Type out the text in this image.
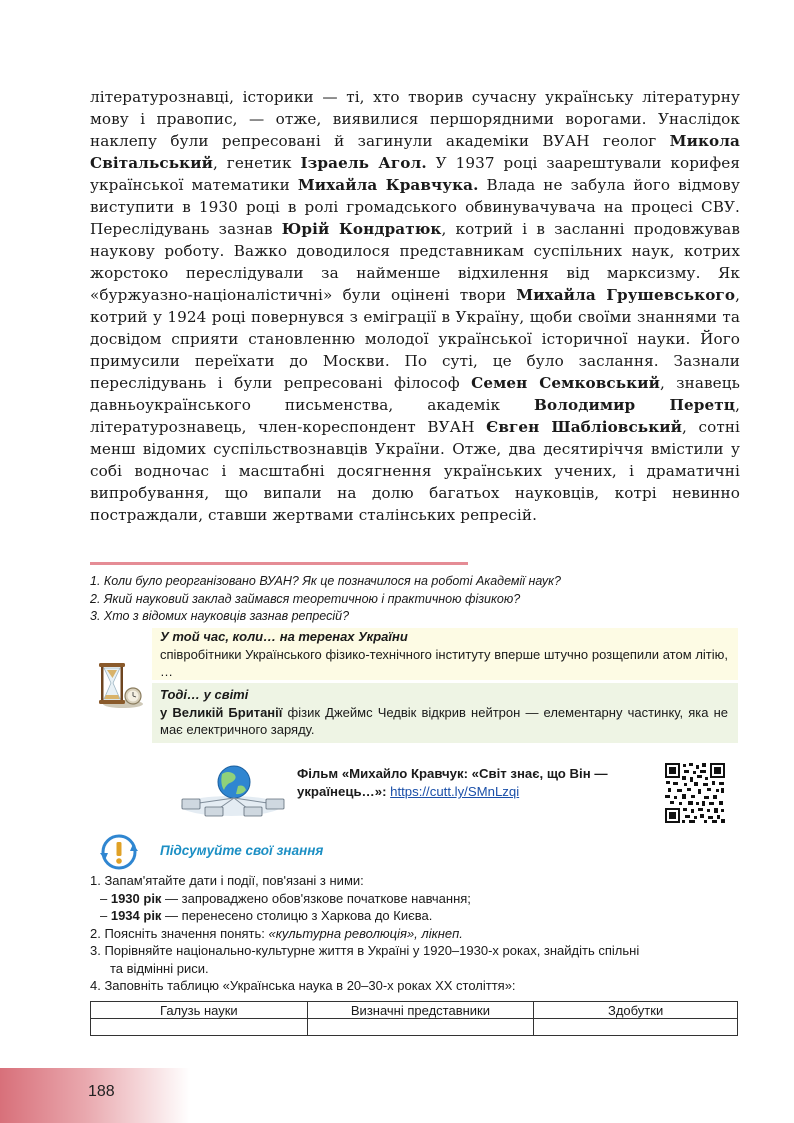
літературознавці, історики — ті, хто творив сучасну українську літературну мову і правопис, — отже, виявилися першорядними ворогами. Унаслідок наклепу були репресовані й загинули академіки ВУАН геолог Микола Світальський, генетик Ізраель Агол. У 1937 році заарештували корифея української математики Михайла Кравчука. Влада не забула його відмову виступити в 1930 році в ролі громадського обвинувачувача на процесі СВУ. Переслідувань зазнав Юрій Кондратюк, котрий і в засланні продовжував наукову роботу. Важко доводилося представникам суспільних наук, котрих жорстоко переслідували за найменше відхилення від марксизму. Як «буржуазно-націоналістичні» були оцінені твори Михайла Грушевського, котрий у 1924 році повернувся з еміграції в Україну, щоби своїми знаннями та досвідом сприяти становленню молодої української історичної науки. Його примусили переїхати до Москви. По суті, це було заслання. Зазнали переслідувань і були репресовані філософ Семен Семковський, знавець давньоукраїнського письменства, академік Володимир Перетц, літературознавець, член-кореспондент ВУАН Євген Шаблiовський, сотні менш відомих суспільствознавців України. Отже, два десятиріччя вмістили у собі водночас і масштабні досягнення українських учених, і драматичні випробування, що випали на долю багатьох науковців, котрі невинно постраждали, ставши жертвами сталінських репресій.
1. Коли було реорганізовано ВУАН? Як це позначилося на роботі Академії наук?
2. Який науковий заклад займався теоретичною і практичною фізикою?
3. Хто з відомих науковців зазнав репресій?
У той час, коли… на теренах України
співробітники Українського фізико-технічного інституту вперше штучно розщепили атом літію, …
Тоді… у світі
у Великій Британії фізик Джеймс Чедвік відкрив нейтрон — елементарну частинку, яка не має електричного заряду.
Фільм «Михайло Кравчук: «Світ знає, що Він — українець…»: https://cutt.ly/SMnLzqi
Підсумуйте свої знання
1. Запам'ятайте дати і події, пов'язані з ними:
– 1930 рік — запроваджено обов'язкове початкове навчання;
– 1934 рік — перенесено столицю з Харкова до Києва.
2. Поясніть значення понять: «культурна революція», лікнеп.
3. Порівняйте національно-культурне життя в Україні у 1920–1930-х роках, знайдіть спільні
та відмінні риси.
4. Заповніть таблицю «Українська наука в 20–30-х роках ХХ століття»:
Галузь науки	Визначні представники	Здобутки

188
